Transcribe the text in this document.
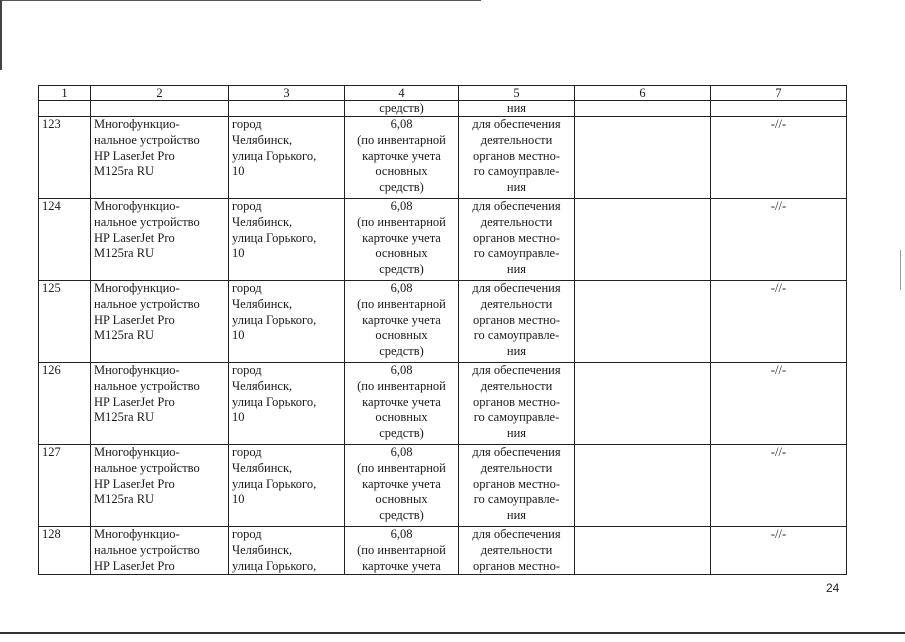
1	2	3	4	5	6	7
			средств)	ния		
123	Многофункцио-
нальное устройство
HP LaserJet Pro
M125ra RU	город
Челябинск,
улица Горького,
10	6,08
(по инвентарной
карточке учета
основных
средств)	для обеспечения
деятельности
органов местно-
го самоуправле-
ния		-//-
124	Многофункцио-
нальное устройство
HP LaserJet Pro
M125ra RU	город
Челябинск,
улица Горького,
10	6,08
(по инвентарной
карточке учета
основных
средств)	для обеспечения
деятельности
органов местно-
го самоуправле-
ния		-//-
125	Многофункцио-
нальное устройство
HP LaserJet Pro
M125ra RU	город
Челябинск,
улица Горького,
10	6,08
(по инвентарной
карточке учета
основных
средств)	для обеспечения
деятельности
органов местно-
го самоуправле-
ния		-//-
126	Многофункцио-
нальное устройство
HP LaserJet Pro
M125ra RU	город
Челябинск,
улица Горького,
10	6,08
(по инвентарной
карточке учета
основных
средств)	для обеспечения
деятельности
органов местно-
го самоуправле-
ния		-//-
127	Многофункцио-
нальное устройство
HP LaserJet Pro
M125ra RU	город
Челябинск,
улица Горького,
10	6,08
(по инвентарной
карточке учета
основных
средств)	для обеспечения
деятельности
органов местно-
го самоуправле-
ния		-//-
128	Многофункцио-
нальное устройство
HP LaserJet Pro	город
Челябинск,
улица Горького,	6,08
(по инвентарной
карточке учета	для обеспечения
деятельности
органов местно-		-//-
24
